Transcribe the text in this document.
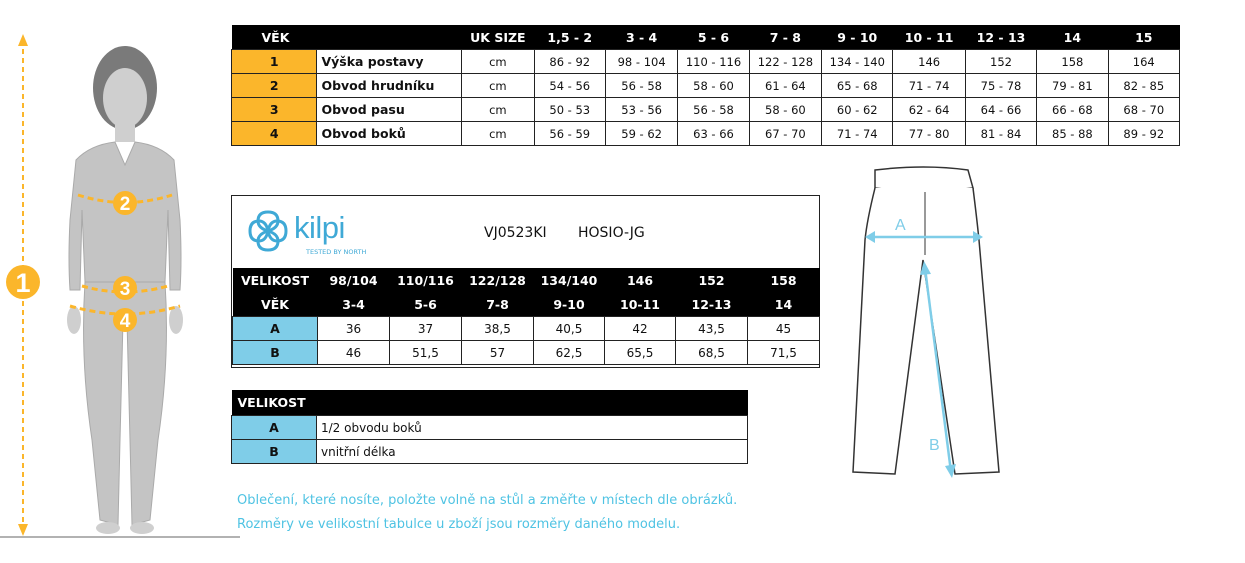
1
2
3
4
VĚK		UK SIZE	1,5 - 2	3 - 4	5 - 6	7 - 8	9 - 10	10 - 11	12 - 13	14	15
1	Výška postavy	cm	86 - 92	98 - 104	110 - 116	122 - 128	134 - 140	146	152	158	164
2	Obvod hrudníku	cm	54 - 56	56 - 58	58 - 60	61 - 64	65 - 68	71 - 74	75 - 78	79 - 81	82 - 85
3	Obvod pasu	cm	50 - 53	53 - 56	56 - 58	58 - 60	60 - 62	62 - 64	64 - 66	66 - 68	68 - 70
4	Obvod boků	cm	56 - 59	59 - 62	63 - 66	67 - 70	71 - 74	77 - 80	81 - 84	85 - 88	89 - 92
kilpi
TESTED BY NORTH
VJ0523KI HOSIO-JG
VELIKOST	98/104	110/116	122/128	134/140	146	152	158
VĚK	3-4	5-6	7-8	9-10	10-11	12-13	14
A	36	37	38,5	40,5	42	43,5	45
B	46	51,5	57	62,5	65,5	68,5	71,5
VELIKOST	
A	1/2 obvodu boků
B	vnitřní délka
Oblečení, které nosíte, položte volně na stůl a změřte v místech dle obrázků.
Rozměry ve velikostní tabulce u zboží jsou rozměry daného modelu.
A
B
